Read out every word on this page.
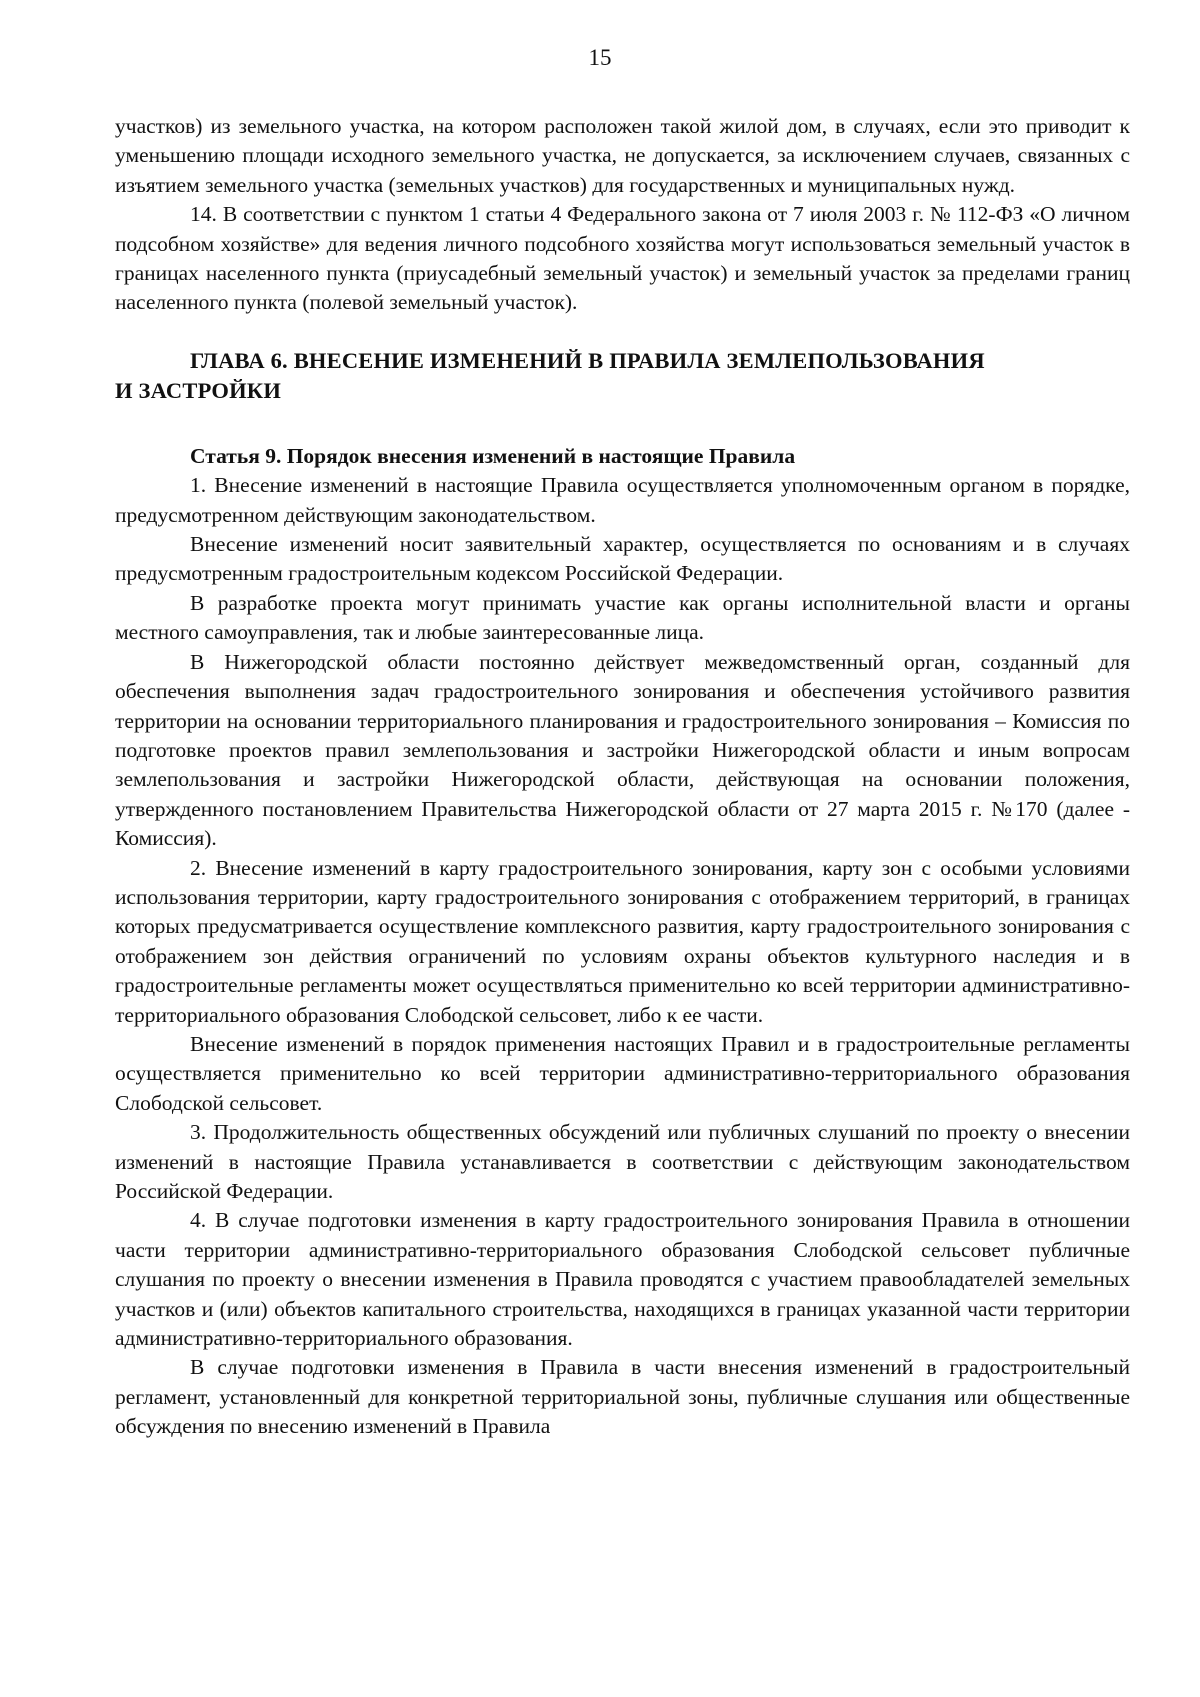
15

участков) из земельного участка, на котором расположен такой жилой дом, в случаях, если это приводит к уменьшению площади исходного земельного участка, не допускается, за исключением случаев, связанных с изъятием земельного участка (земельных участков) для государственных и муниципальных нужд.

14. В соответствии с пунктом 1 статьи 4 Федерального закона от 7 июля 2003 г. № 112-ФЗ «О личном подсобном хозяйстве» для ведения личного подсобного хозяйства могут использоваться земельный участок в границах населенного пункта (приусадебный земельный участок) и земельный участок за пределами границ населенного пункта (полевой земельный участок).

ГЛАВА 6. ВНЕСЕНИЕ ИЗМЕНЕНИЙ В ПРАВИЛА ЗЕМЛЕПОЛЬЗОВАНИЯ
И ЗАСТРОЙКИ

Статья 9. Порядок внесения изменений в настоящие Правила

1. Внесение изменений в настоящие Правила осуществляется уполномоченным органом в порядке, предусмотренном действующим законодательством.

Внесение изменений носит заявительный характер, осуществляется по основаниям и в случаях предусмотренным градостроительным кодексом Российской Федерации.

В разработке проекта могут принимать участие как органы исполнительной власти и органы местного самоуправления, так и любые заинтересованные лица.

В Нижегородской области постоянно действует межведомственный орган, созданный для обеспечения выполнения задач градостроительного зонирования и обеспечения устойчивого развития территории на основании территориального планирования и градостроительного зонирования – Комиссия по подготовке проектов правил землепользования и застройки Нижегородской области и иным вопросам землепользования и застройки Нижегородской области, действующая на основании положения, утвержденного постановлением Правительства Нижегородской области от 27 марта 2015 г. №170 (далее - Комиссия).

2. Внесение изменений в карту градостроительного зонирования, карту зон с особыми условиями использования территории, карту градостроительного зонирования с отображением территорий, в границах которых предусматривается осуществление комплексного развития, карту градостроительного зонирования с отображением зон действия ограничений по условиям охраны объектов культурного наследия и в градостроительные регламенты может осуществляться применительно ко всей территории административно-территориального образования Слободской сельсовет, либо к ее части.

Внесение изменений в порядок применения настоящих Правил и в градостроительные регламенты осуществляется применительно ко всей территории административно-территориального образования Слободской сельсовет.

3. Продолжительность общественных обсуждений или публичных слушаний по проекту о внесении изменений в настоящие Правила устанавливается в соответствии с действующим законодательством Российской Федерации.

4. В случае подготовки изменения в карту градостроительного зонирования Правила в отношении части территории административно-территориального образования Слободской сельсовет публичные слушания по проекту о внесении изменения в Правила проводятся с участием правообладателей земельных участков и (или) объектов капитального строительства, находящихся в границах указанной части территории административно-территориального образования.

В случае подготовки изменения в Правила в части внесения изменений в градостроительный регламент, установленный для конкретной территориальной зоны, публичные слушания или общественные обсуждения по внесению изменений в Правила
